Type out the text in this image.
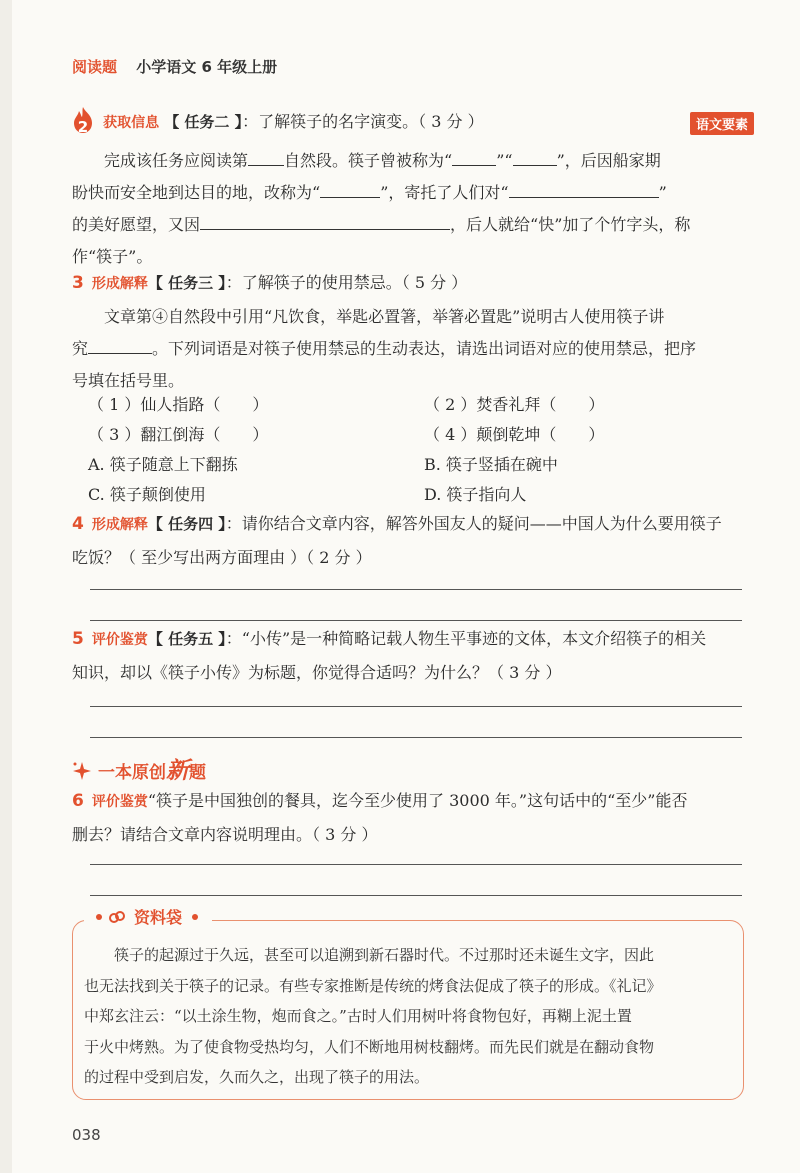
阅读题 小学语文 6 年级上册
语文要素
2	获取信息 【 任务二 】：了解筷子的名字演变。（ 3 分 ）
完成该任务应阅读第 自然段。筷子曾被称为“	”“	”，后因船家期
盼快而安全地到达目的地，改称为“	”，寄托了人们对“	”
的美好愿望，又因	，后人就给“快”加了个竹字头，称
作“筷子”。
3 形成解释【 任务三 】：了解筷子的使用禁忌。（ 5 分 ）
文章第④自然段中引用“凡饮食，举匙必置箸，举箸必置匙”说明古人使用筷子讲
究	。下列词语是对筷子使用禁忌的生动表达，请选出词语对应的使用禁忌，把序
号填在括号里。
（ 1 ）仙人指路（　　）	（ 2 ）焚香礼拜（　　）
（ 3 ）翻江倒海（　　）	（ 4 ）颠倒乾坤（　　）
A. 筷子随意上下翻拣	B. 筷子竖插在碗中
C. 筷子颠倒使用	D. 筷子指向人
4 形成解释【 任务四 】：请你结合文章内容，解答外国友人的疑问——中国人为什么要用筷子
吃饭？（ 至少写出两方面理由 ）（ 2 分 ）
5 评价鉴赏【 任务五 】：“小传”是一种简略记载人物生平事迹的文体，本文介绍筷子的相关
知识，却以《筷子小传》为标题，你觉得合适吗？为什么？（ 3 分 ）
一本原创新题
6 评价鉴赏“筷子是中国独创的餐具，迄今至少使用了 3000 年。”这句话中的“至少”能否
删去？请结合文章内容说明理由。（ 3 分 ）
资料袋
　　筷子的起源过于久远，甚至可以追溯到新石器时代。不过那时还未诞生文字，因此
也无法找到关于筷子的记录。有些专家推断是传统的烤食法促成了筷子的形成。《礼记》
中郑玄注云：“以土涂生物，炮而食之。”古时人们用树叶将食物包好，再糊上泥土置
于火中烤熟。为了使食物受热均匀，人们不断地用树枝翻烤。而先民们就是在翻动食物
的过程中受到启发，久而久之，出现了筷子的用法。
038
